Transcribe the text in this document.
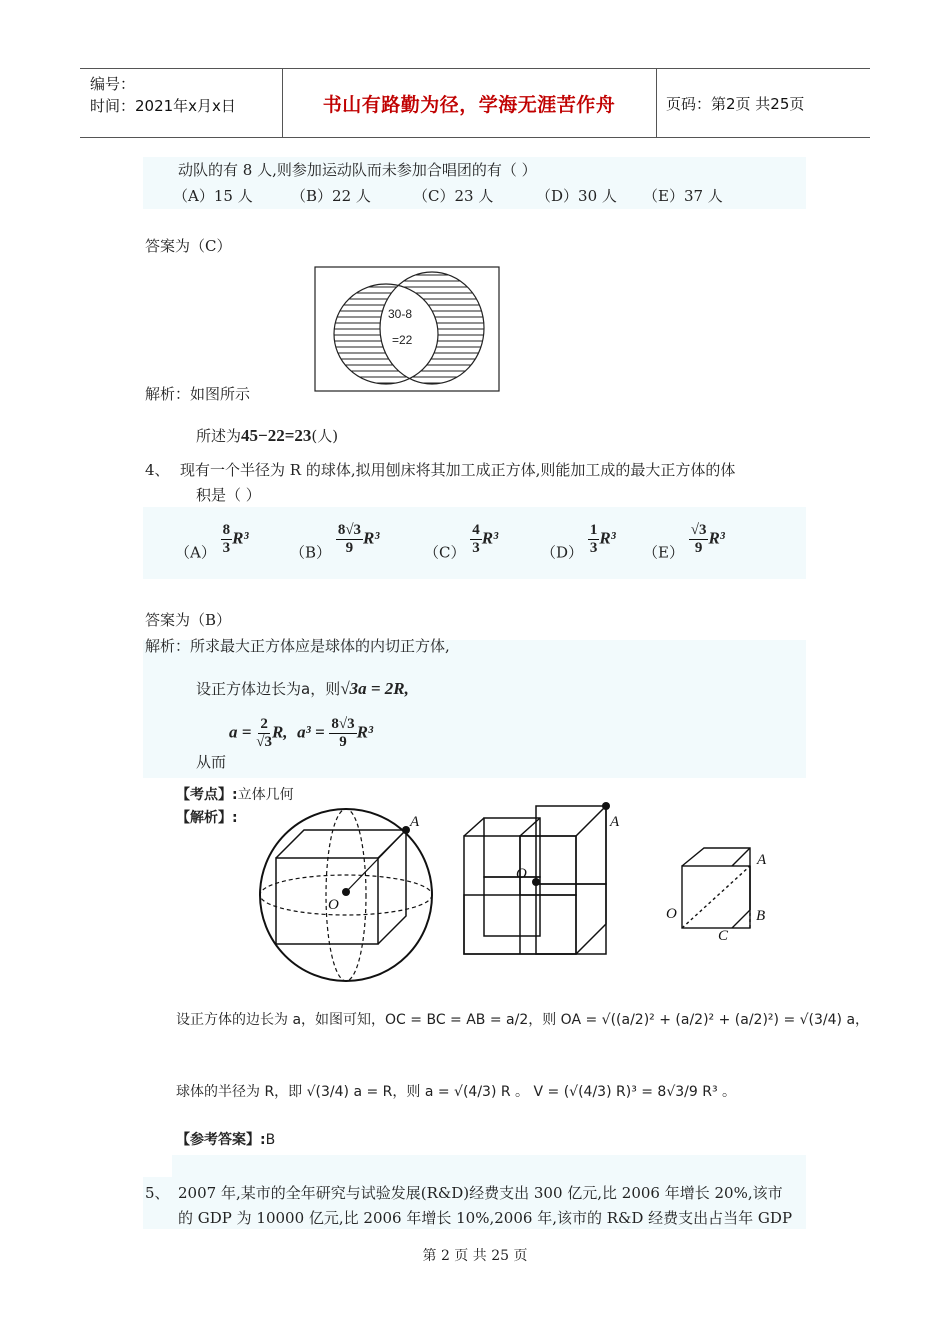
编号：
时间：2021年x月x日	书山有路勤为径，学海无涯苦作舟	页码：第2页 共25页
动队的有 8 人,则参加运动队而未参加合唱团的有（ ）
（A）15 人	（B）22 人	（C）23 人	（D）30 人 （E）37 人
答案为（C）
30-8
=22
解析：如图所示
所述为45−22=23(人)
4、 现有一个半径为 R 的球体,拟用刨床将其加工成正方体,则能加工成的最大正方体的体
积是（ ）
$(A) \frac{8}{3} R^3$
$(B) \frac{8√3}{9} R^3$
$(C) \frac{4}{3} R^3$
$(D) \frac{1}{3} R^3$
$(E) \frac{√3}{9} R^3$
答案为（B）
解析：所求最大正方体应是球体的内切正方体,
设正方体边长为a，则√3a = 2R,
$a = \frac{2}{√3} R$, $a^3 = \frac{8√3}{9} R^3$
从而
【考点】:立体几何
【解析】:	A
O
A
O
A
O	B
C
设正方体的边长为 a，如图可知，OC = BC = AB = a/2，则 OA = √((a/2)² + (a/2)² + (a/2)²) = √(3/4) a，
球体的半径为 R，即 √(3/4) a = R，则 a = √(4/3) R 。 V = (√(4/3) R)³ = 8√3/9 R³ 。
【参考答案】:B
5、 2007 年,某市的全年研究与试验发展(R&D)经费支出 300 亿元,比 2006 年增长 20%,该市
的 GDP 为 10000 亿元,比 2006 年增长 10%,2006 年,该市的 R&D 经费支出占当年 GDP
第 2 页 共 25 页
